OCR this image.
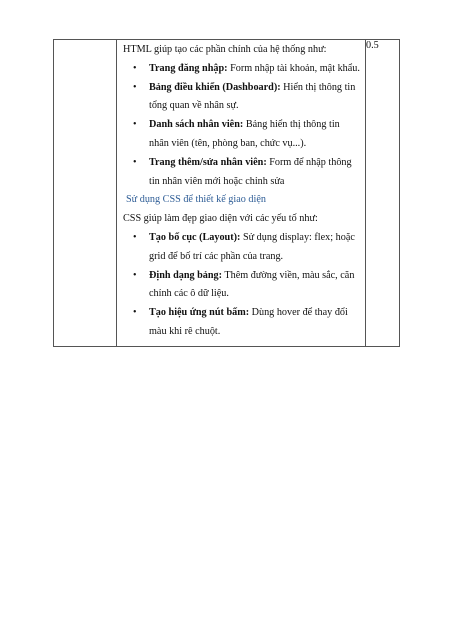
HTML giúp tạo các phần chính của hệ thống như:

• Trang đăng nhập: Form nhập tài khoản, mật khẩu.
• Bảng điều khiển (Dashboard): Hiển thị thông tin tổng quan về nhân sự.
• Danh sách nhân viên: Bảng hiển thị thông tin nhân viên (tên, phòng ban, chức vụ...).
• Trang thêm/sửa nhân viên: Form để nhập thông tin nhân viên mới hoặc chỉnh sửa

Sử dụng CSS để thiết kế giao diện

CSS giúp làm đẹp giao diện với các yếu tố như:

• Tạo bố cục (Layout): Sử dụng display: flex; hoặc grid để bố trí các phần của trang.
• Định dạng bảng: Thêm đường viền, màu sắc, căn chỉnh các ô dữ liệu.
• Tạo hiệu ứng nút bấm: Dùng hover để thay đổi màu khi rê chuột.
	0.5
